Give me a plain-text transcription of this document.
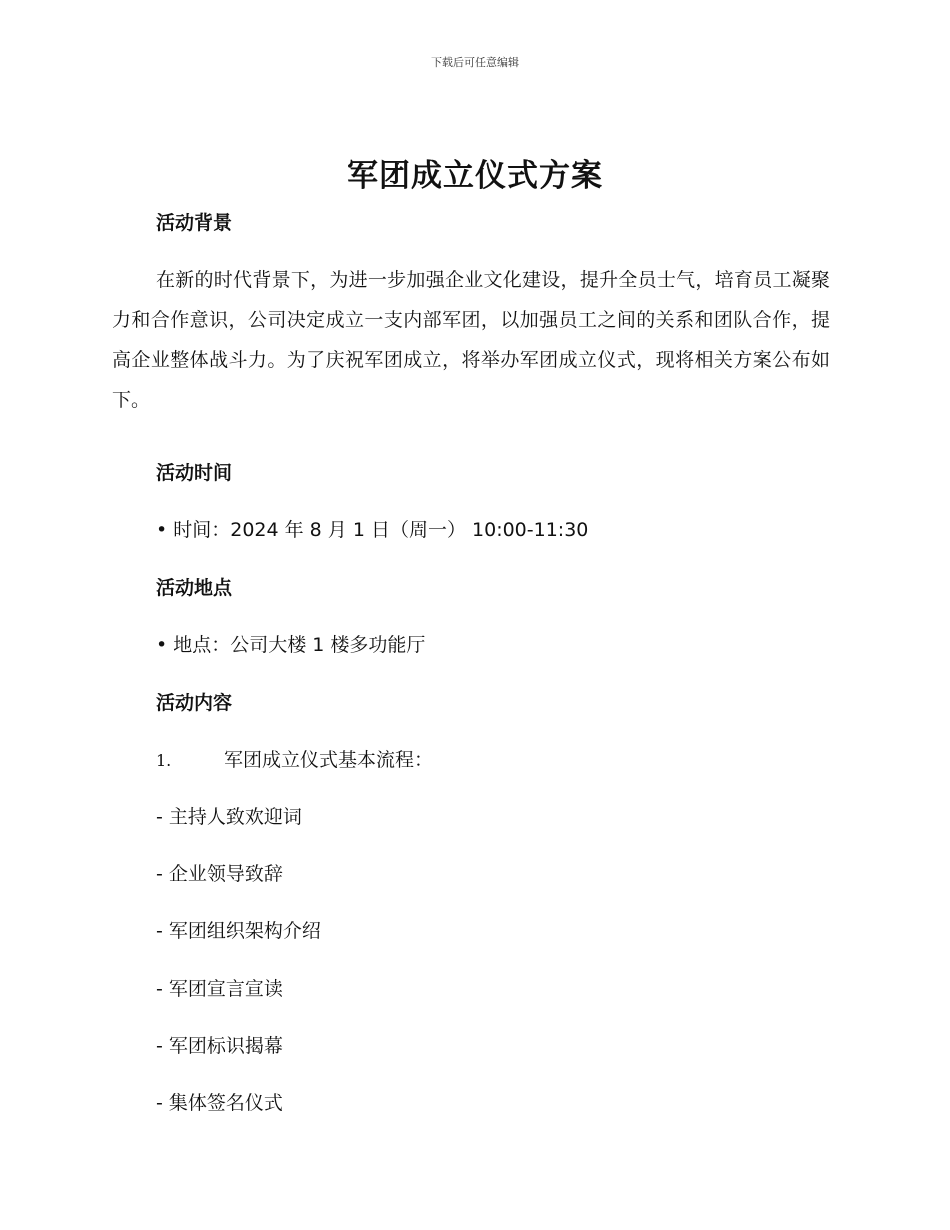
下载后可任意编辑
军团成立仪式方案
活动背景

在新的时代背景下，为进一步加强企业文化建设，提升全员士气，培育员工凝聚力和合作意识，公司决定成立一支内部军团，以加强员工之间的关系和团队合作，提高企业整体战斗力。为了庆祝军团成立，将举办军团成立仪式，现将相关方案公布如下。

活动时间
• 时间：2024 年 8 月 1 日（周一） 10:00-11:30
活动地点
• 地点：公司大楼 1 楼多功能厅
活动内容
1.	军团成立仪式基本流程：
- 主持人致欢迎词
- 企业领导致辞
- 军团组织架构介绍
- 军团宣言宣读
- 军团标识揭幕
- 集体签名仪式
